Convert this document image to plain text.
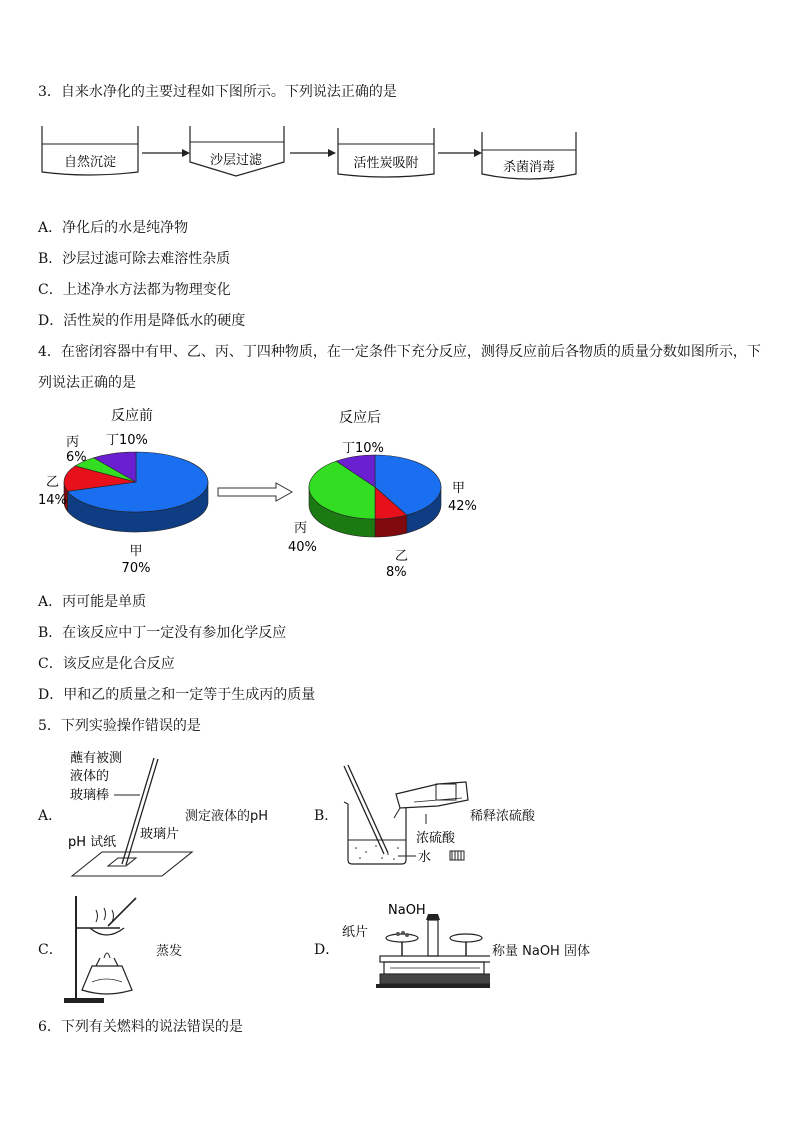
3．自来水净化的主要过程如下图所示。下列说法正确的是
自然沉淀	沙层过滤	活性炭吸附	杀菌消毒
A．净化后的水是纯净物
B．沙层过滤可除去难溶性杂质
C．上述净水方法都为物理变化
D．活性炭的作用是降低水的硬度
4．在密闭容器中有甲、乙、丙、丁四种物质，在一定条件下充分反应，测得反应前后各物质的质量分数如图所示，下
列说法正确的是
反应前
丁10%
丙
6%
乙
14%
甲
70%
反应后
丁10%
甲
42%
丙
40%
乙
8%
A．丙可能是单质
B．在该反应中丁一定没有参加化学反应
C．该反应是化合反应
D．甲和乙的质量之和一定等于生成丙的质量
5．下列实验操作错误的是
A．
蘸有被测
液体的
玻璃棒
pH 试纸
玻璃片
测定液体的pH	B．
浓硫酸
水
稀释浓硫酸
C．	蒸发	D．
NaOH
纸片
称量 NaOH 固体
6．下列有关燃料的说法错误的是
